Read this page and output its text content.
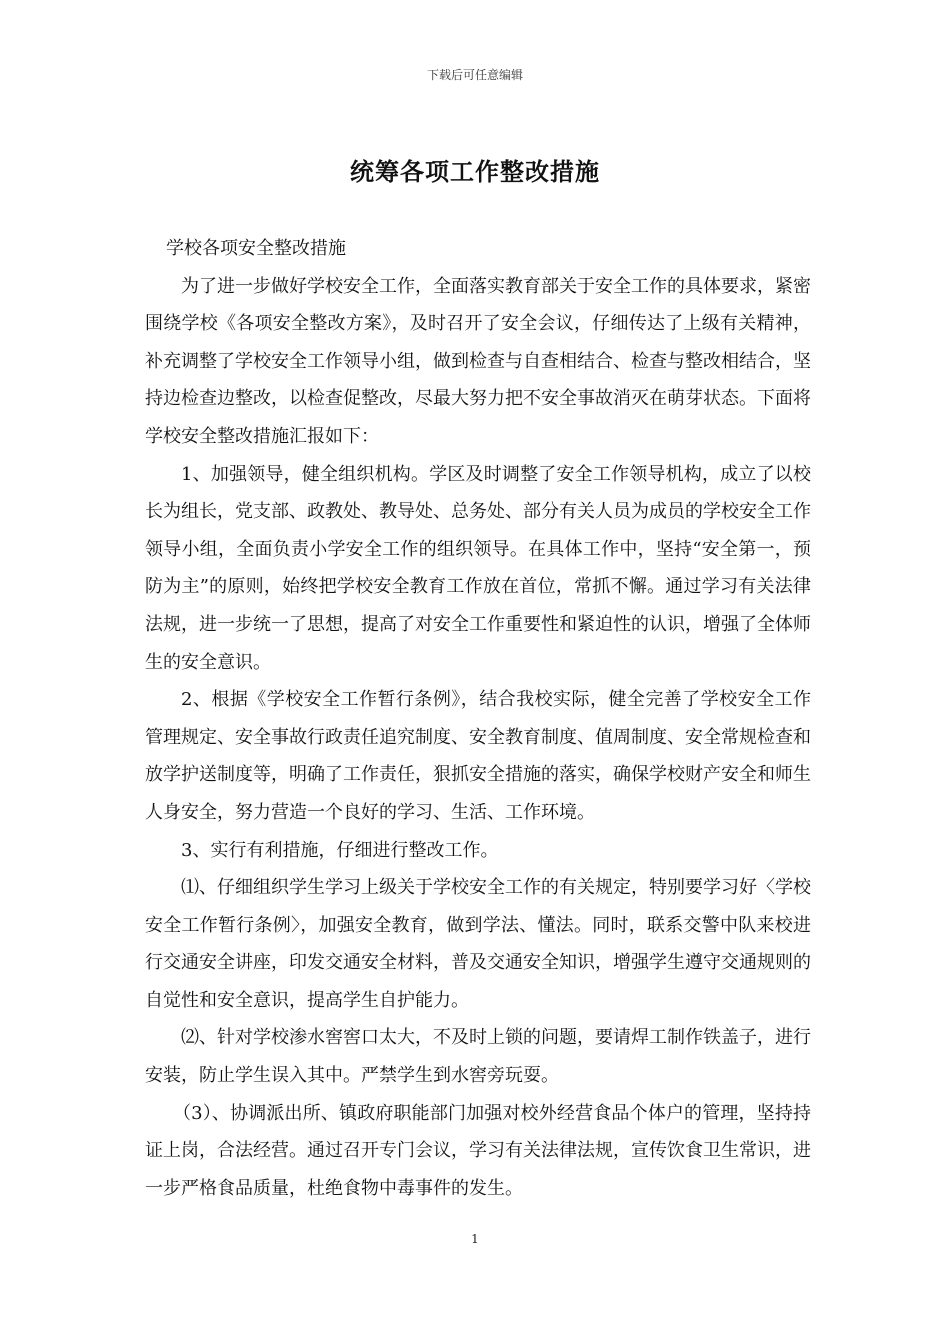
下载后可任意编辑
统筹各项工作整改措施

学校各项安全整改措施

为了进一步做好学校安全工作，全面落实教育部关于安全工作的具体要求，紧密围绕学校《各项安全整改方案》，及时召开了安全会议，仔细传达了上级有关精神，补充调整了学校安全工作领导小组，做到检查与自查相结合、检查与整改相结合，坚持边检查边整改，以检查促整改，尽最大努力把不安全事故消灭在萌芽状态。下面将学校安全整改措施汇报如下：

1、加强领导，健全组织机构。学区及时调整了安全工作领导机构，成立了以校长为组长，党支部、政教处、教导处、总务处、部分有关人员为成员的学校安全工作领导小组，全面负责小学安全工作的组织领导。在具体工作中，坚持“安全第一，预防为主”的原则，始终把学校安全教育工作放在首位，常抓不懈。通过学习有关法律法规，进一步统一了思想，提高了对安全工作重要性和紧迫性的认识，增强了全体师生的安全意识。

2、根据《学校安全工作暂行条例》，结合我校实际，健全完善了学校安全工作管理规定、安全事故行政责任追究制度、安全教育制度、值周制度、安全常规检查和放学护送制度等，明确了工作责任，狠抓安全措施的落实，确保学校财产安全和师生人身安全，努力营造一个良好的学习、生活、工作环境。

3、实行有利措施，仔细进行整改工作。

⑴、仔细组织学生学习上级关于学校安全工作的有关规定，特别要学习好〈学校安全工作暂行条例〉，加强安全教育，做到学法、懂法。同时，联系交警中队来校进行交通安全讲座，印发交通安全材料，普及交通安全知识，增强学生遵守交通规则的自觉性和安全意识，提高学生自护能力。

⑵、针对学校渗水窖窖口太大，不及时上锁的问题，要请焊工制作铁盖子，进行安装，防止学生误入其中。严禁学生到水窖旁玩耍。

（3）、协调派出所、镇政府职能部门加强对校外经营食品个体户的管理，坚持持证上岗，合法经营。通过召开专门会议，学习有关法律法规，宣传饮食卫生常识，进一步严格食品质量，杜绝食物中毒事件的发生。

1
